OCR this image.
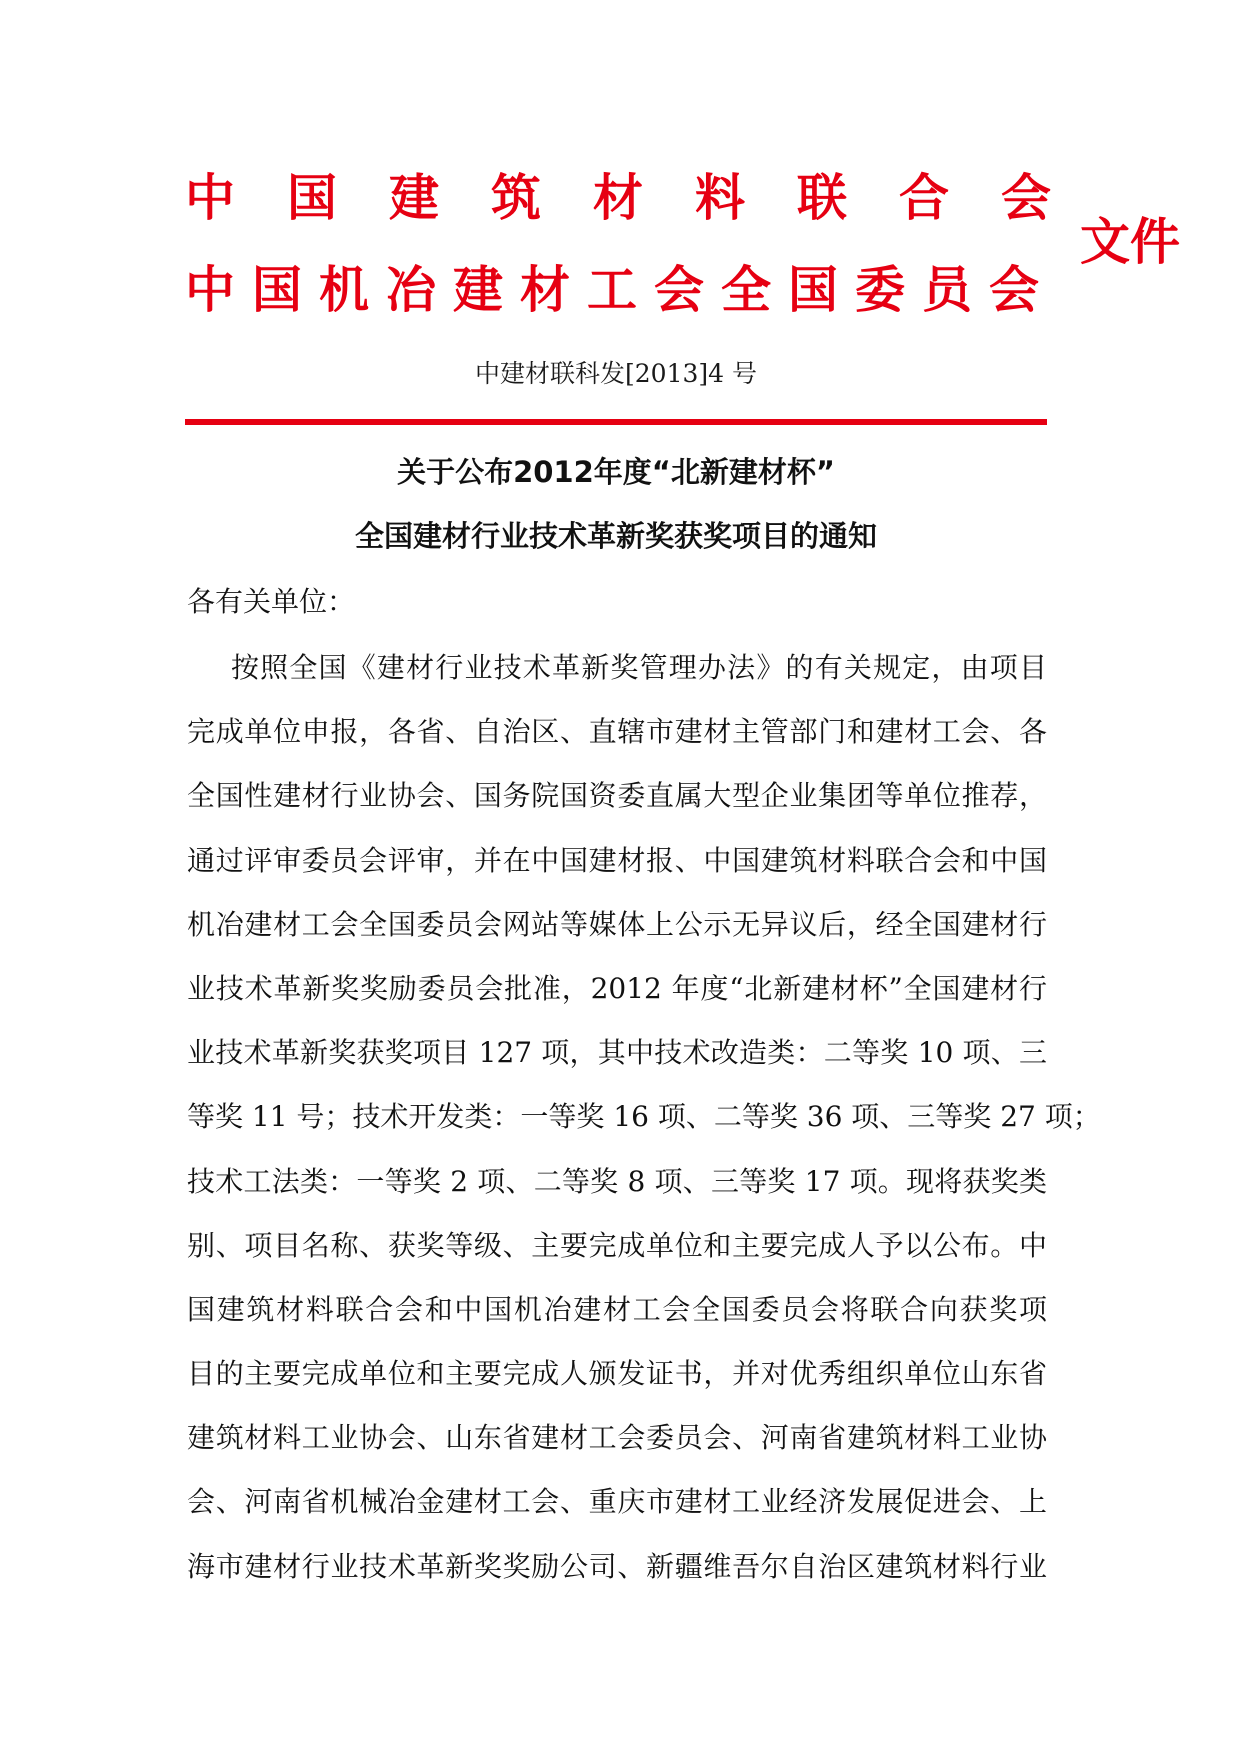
中国建筑材料联合会
中国机冶建材工会全国委员会
文件
中建材联科发[2013]4 号
关于公布2012年度“北新建材杯”
全国建材行业技术革新奖获奖项目的通知
各有关单位：
按照全国《建材行业技术革新奖管理办法》的有关规定，由项目
完成单位申报，各省、自治区、直辖市建材主管部门和建材工会、各
全国性建材行业协会、国务院国资委直属大型企业集团等单位推荐，
通过评审委员会评审，并在中国建材报、中国建筑材料联合会和中国
机冶建材工会全国委员会网站等媒体上公示无异议后，经全国建材行
业技术革新奖奖励委员会批准，2012 年度“北新建材杯”全国建材行
业技术革新奖获奖项目 127 项，其中技术改造类：二等奖 10 项、三
等奖 11 号；技术开发类：一等奖 16 项、二等奖 36 项、三等奖 27 项；
技术工法类：一等奖 2 项、二等奖 8 项、三等奖 17 项。现将获奖类
别、项目名称、获奖等级、主要完成单位和主要完成人予以公布。中
国建筑材料联合会和中国机冶建材工会全国委员会将联合向获奖项
目的主要完成单位和主要完成人颁发证书，并对优秀组织单位山东省
建筑材料工业协会、山东省建材工会委员会、河南省建筑材料工业协
会、河南省机械冶金建材工会、重庆市建材工业经济发展促进会、上
海市建材行业技术革新奖奖励公司、新疆维吾尔自治区建筑材料行业
